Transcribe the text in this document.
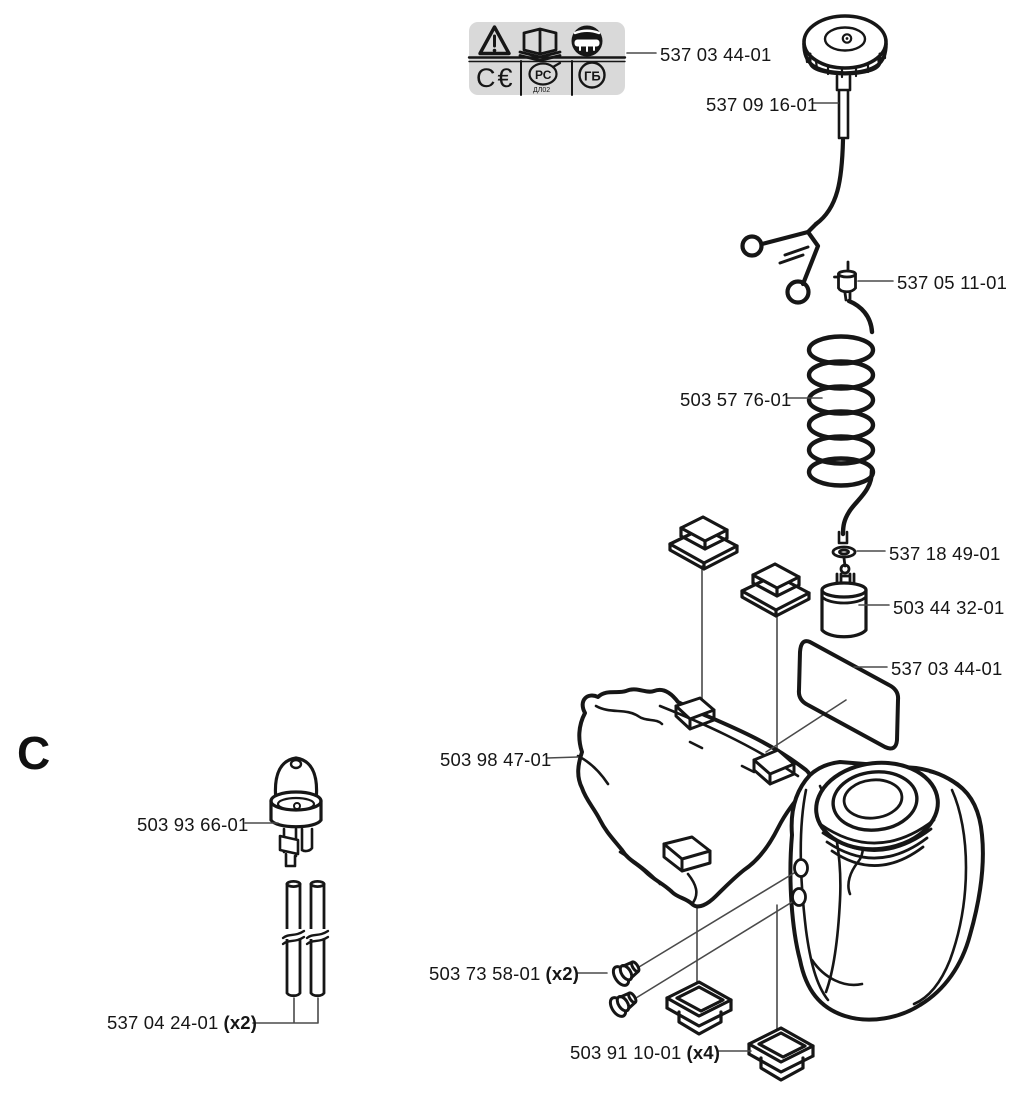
C€ РС
ДЛ02
ГБ
C
537 03 44-01
537 09 16-01
537 05 11-01
503 57 76-01
537 18 49-01
503 44 32-01
537 03 44-01
503 98 47-01
503 73 58-01 (x2)
503 91 10-01 (x4)
503 93 66-01
537 04 24-01 (x2)
